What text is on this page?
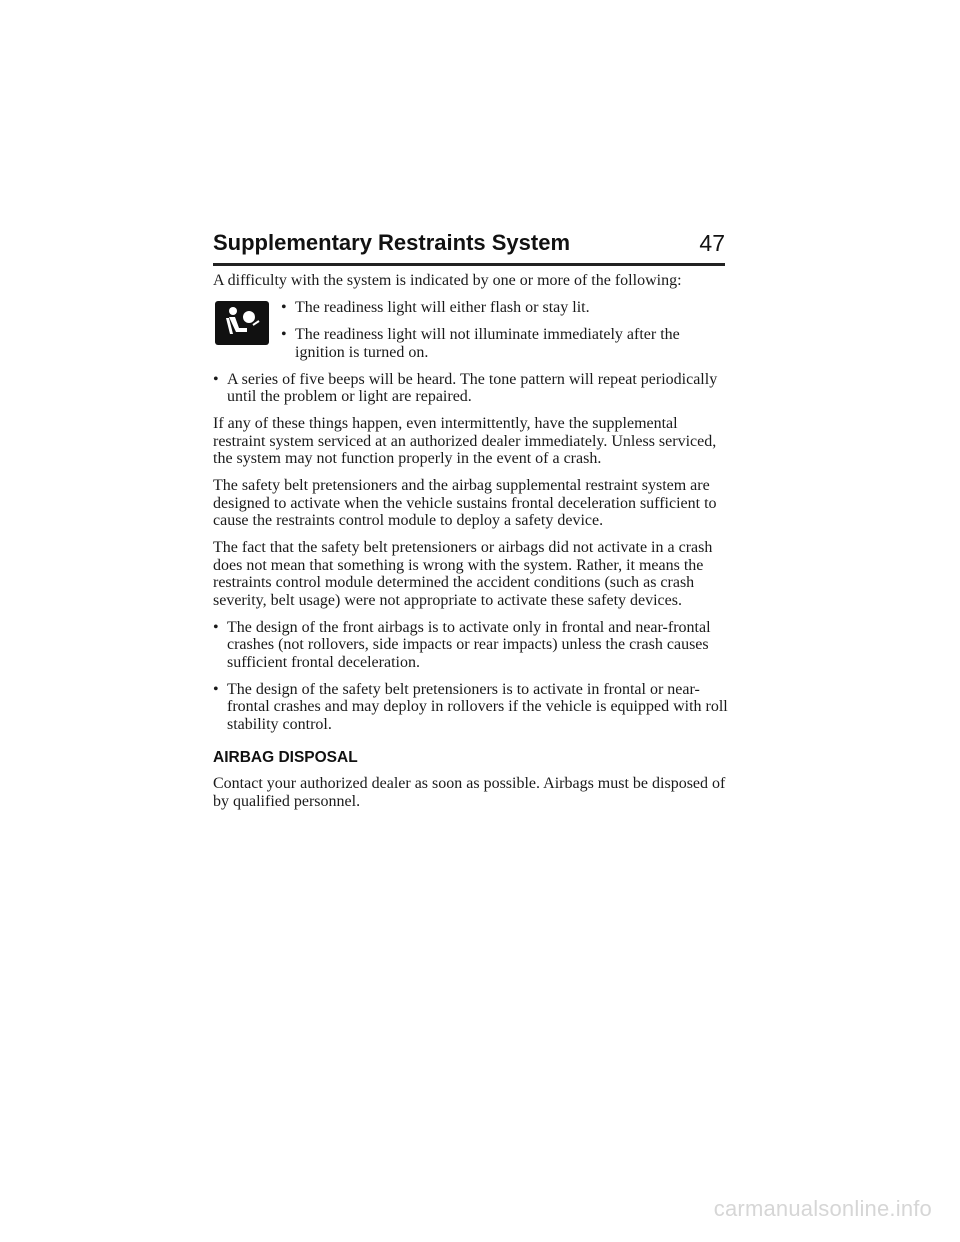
Supplementary Restraints System	47

A difficulty with the system is indicated by one or more of the following:

• The readiness light will either flash or stay lit.
• The readiness light will not illuminate immediately after the ignition is turned on.
• A series of five beeps will be heard. The tone pattern will repeat periodically until the problem or light are repaired.

If any of these things happen, even intermittently, have the supplemental restraint system serviced at an authorized dealer immediately. Unless serviced, the system may not function properly in the event of a crash.

The safety belt pretensioners and the airbag supplemental restraint system are designed to activate when the vehicle sustains frontal deceleration sufficient to cause the restraints control module to deploy a safety device.

The fact that the safety belt pretensioners or airbags did not activate in a crash does not mean that something is wrong with the system. Rather, it means the restraints control module determined the accident conditions (such as crash severity, belt usage) were not appropriate to activate these safety devices.

• The design of the front airbags is to activate only in frontal and near-frontal crashes (not rollovers, side impacts or rear impacts) unless the crash causes sufficient frontal deceleration.
• The design of the safety belt pretensioners is to activate in frontal or near-frontal crashes and may deploy in rollovers if the vehicle is equipped with roll stability control.
AIRBAG DISPOSAL

Contact your authorized dealer as soon as possible. Airbags must be disposed of by qualified personnel.

carmanualsonline.info
